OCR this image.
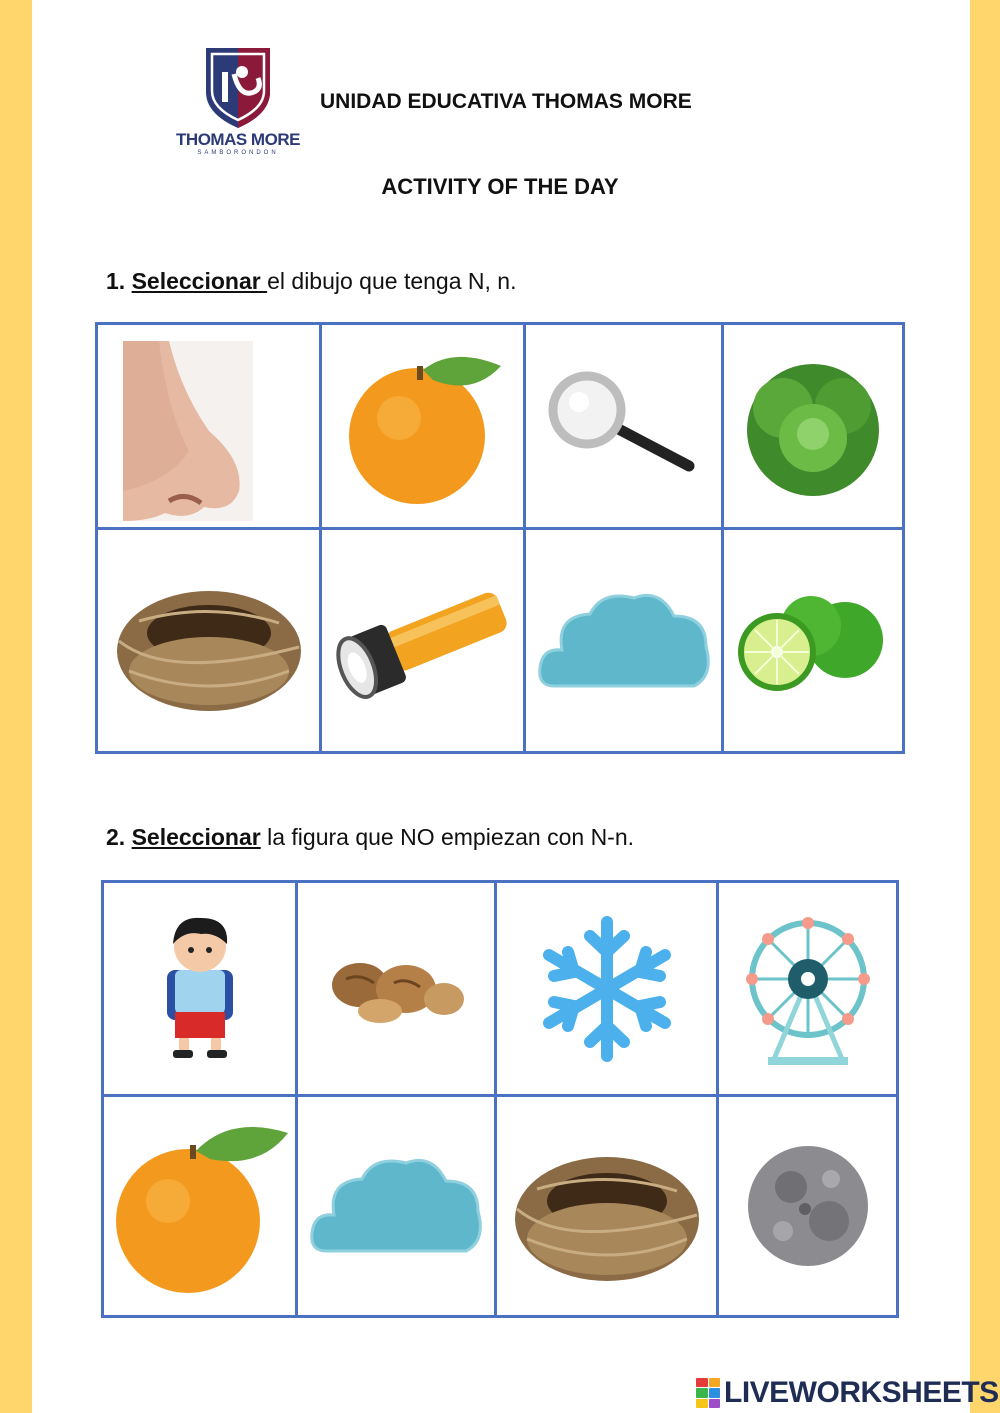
THOMAS MORE
SAMBORONDON
UNIDAD EDUCATIVA THOMAS MORE
ACTIVITY OF THE DAY
1. Seleccionar el dibujo que tenga N, n.
2. Seleccionar la figura que NO empiezan con N-n.
LIVEWORKSHEETS
